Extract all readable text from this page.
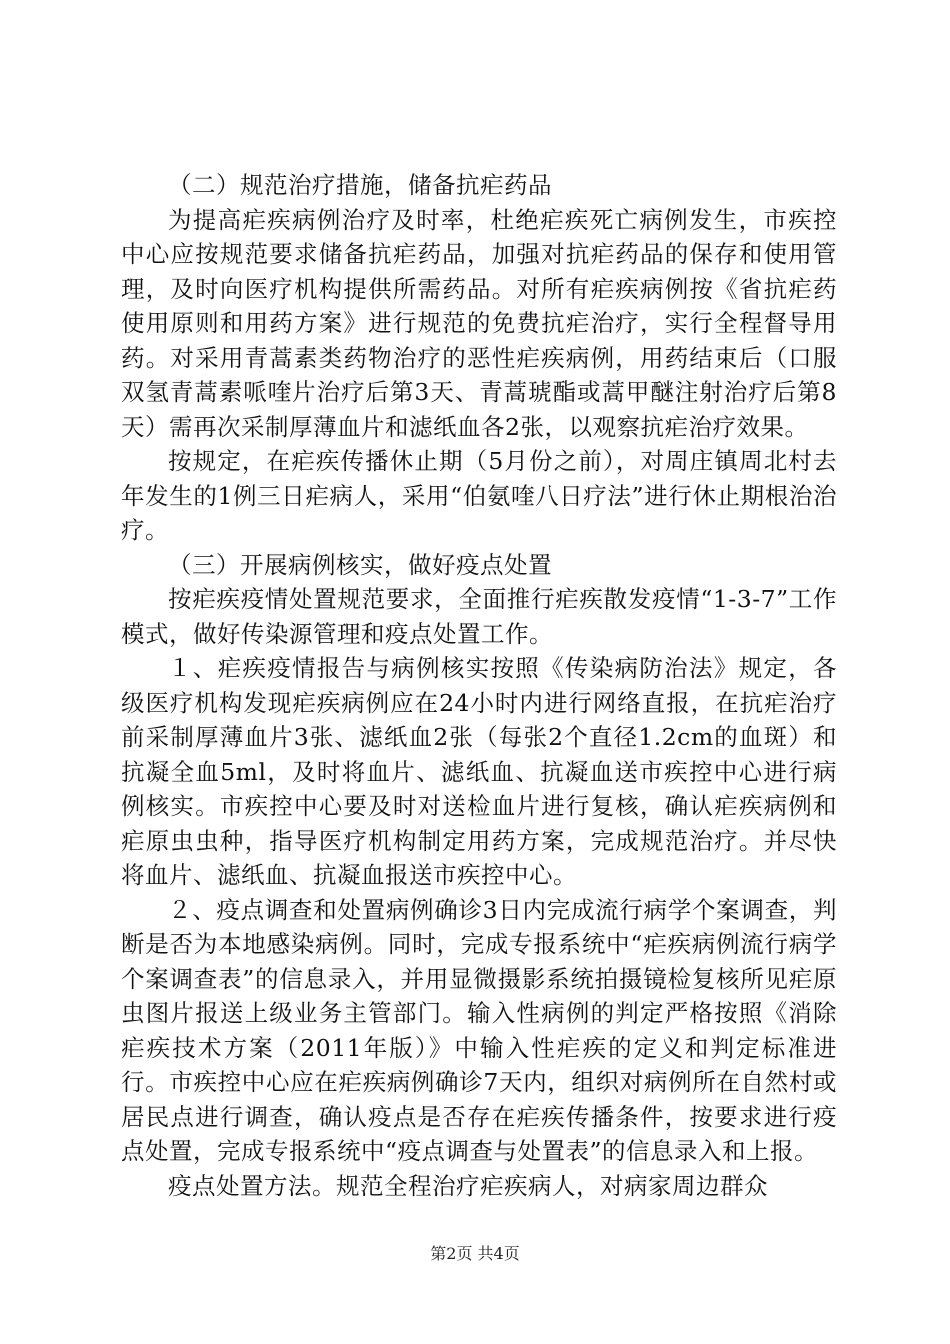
（二）规范治疗措施，储备抗疟药品

为提高疟疾病例治疗及时率，杜绝疟疾死亡病例发生，市疾控中心应按规范要求储备抗疟药品，加强对抗疟药品的保存和使用管理，及时向医疗机构提供所需药品。对所有疟疾病例按《省抗疟药使用原则和用药方案》进行规范的免费抗疟治疗，实行全程督导用药。对采用青蒿素类药物治疗的恶性疟疾病例，用药结束后（口服双氢青蒿素哌喹片治疗后第3天、青蒿琥酯或蒿甲醚注射治疗后第8天）需再次采制厚薄血片和滤纸血各2张，以观察抗疟治疗效果。

按规定，在疟疾传播休止期（5月份之前），对周庄镇周北村去年发生的1例三日疟病人，采用“伯氨喹八日疗法”进行休止期根治治疗。

（三）开展病例核实，做好疫点处置

按疟疾疫情处置规范要求，全面推行疟疾散发疫情“1-3-7”工作模式，做好传染源管理和疫点处置工作。

１、疟疾疫情报告与病例核实按照《传染病防治法》规定，各级医疗机构发现疟疾病例应在24小时内进行网络直报，在抗疟治疗前采制厚薄血片3张、滤纸血2张（每张2个直径1.2cm的血斑）和抗凝全血5ml，及时将血片、滤纸血、抗凝血送市疾控中心进行病例核实。市疾控中心要及时对送检血片进行复核，确认疟疾病例和疟原虫虫种，指导医疗机构制定用药方案，完成规范治疗。并尽快将血片、滤纸血、抗凝血报送市疾控中心。

２、疫点调查和处置病例确诊3日内完成流行病学个案调查，判断是否为本地感染病例。同时，完成专报系统中“疟疾病例流行病学个案调查表”的信息录入，并用显微摄影系统拍摄镜检复核所见疟原虫图片报送上级业务主管部门。输入性病例的判定严格按照《消除疟疾技术方案（2011年版）》中输入性疟疾的定义和判定标准进行。市疾控中心应在疟疾病例确诊7天内，组织对病例所在自然村或居民点进行调查，确认疫点是否存在疟疾传播条件，按要求进行疫点处置，完成专报系统中“疫点调查与处置表”的信息录入和上报。

疫点处置方法。规范全程治疗疟疾病人，对病家周边群众

第2页 共4页
